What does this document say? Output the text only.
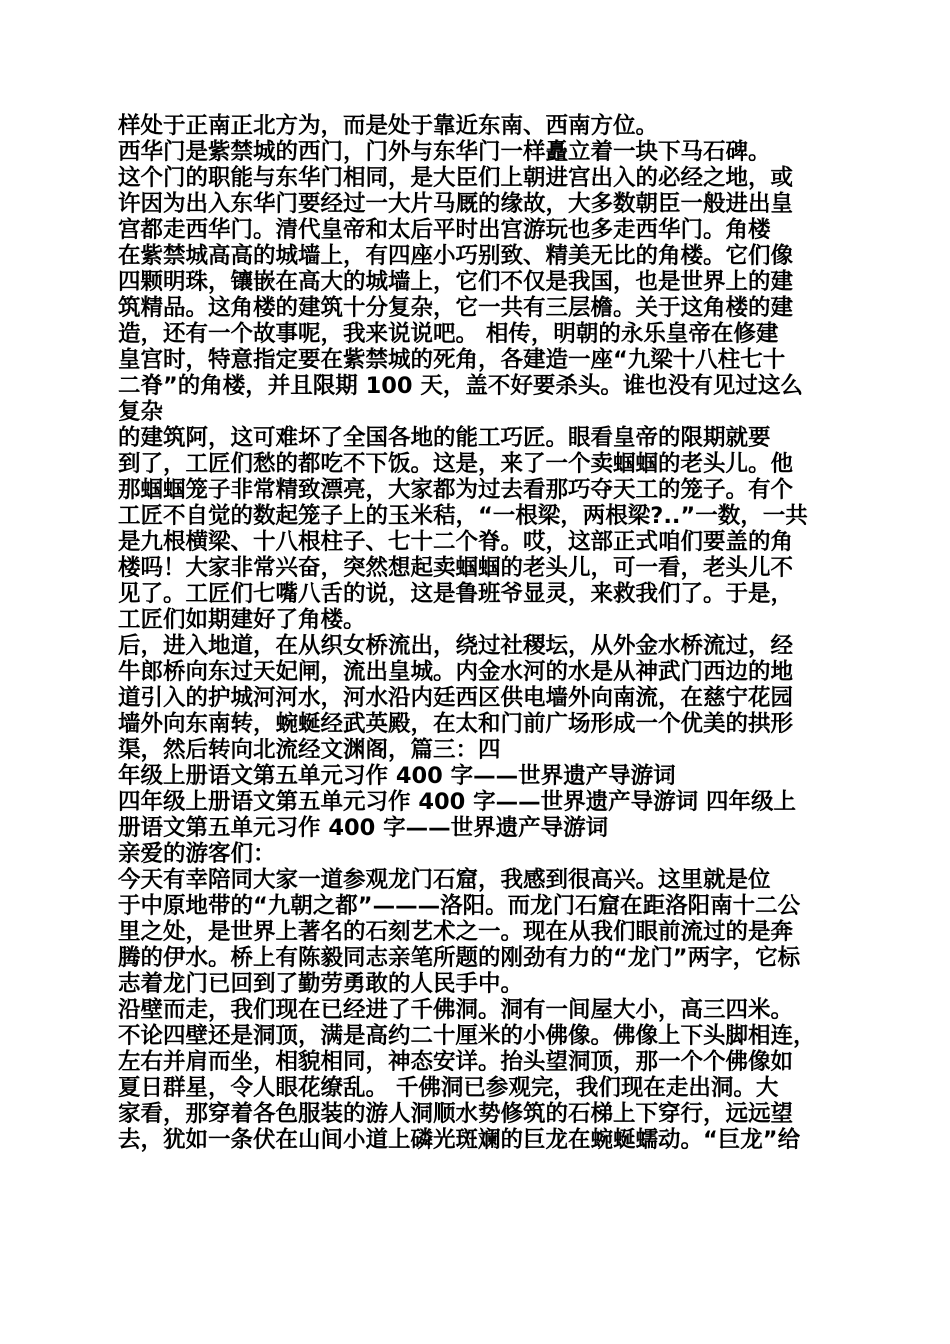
样处于正南正北方为，而是处于靠近东南、西南方位。
西华门是紫禁城的西门，门外与东华门一样矗立着一块下马石碑。
这个门的职能与东华门相同，是大臣们上朝进宫出入的必经之地，或
许因为出入东华门要经过一大片马厩的缘故，大多数朝臣一般进出皇
宫都走西华门。清代皇帝和太后平时出宫游玩也多走西华门。角楼
在紫禁城高高的城墙上，有四座小巧别致、精美无比的角楼。它们像
四颗明珠，镶嵌在高大的城墙上，它们不仅是我国，也是世界上的建
筑精品。这角楼的建筑十分复杂，它一共有三层檐。关于这角楼的建
造，还有一个故事呢，我来说说吧。 相传，明朝的永乐皇帝在修建
皇宫时，特意指定要在紫禁城的死角，各建造一座“九梁十八柱七十
二脊”的角楼，并且限期 100 天，盖不好要杀头。谁也没有见过这么
复杂
的建筑阿，这可难坏了全国各地的能工巧匠。眼看皇帝的限期就要
到了，工匠们愁的都吃不下饭。这是，来了一个卖蝈蝈的老头儿。他
那蝈蝈笼子非常精致漂亮，大家都为过去看那巧夺天工的笼子。有个
工匠不自觉的数起笼子上的玉米秸，“一根梁，两根梁?..”一数，一共
是九根横梁、十八根柱子、七十二个脊。哎，这部正式咱们要盖的角
楼吗！大家非常兴奋，突然想起卖蝈蝈的老头儿，可一看，老头儿不
见了。工匠们七嘴八舌的说，这是鲁班爷显灵，来救我们了。于是，
工匠们如期建好了角楼。
后，进入地道，在从织女桥流出，绕过社稷坛，从外金水桥流过，经
牛郎桥向东过天妃闸，流出皇城。内金水河的水是从神武门西边的地
道引入的护城河河水，河水沿内廷西区供电墙外向南流，在慈宁花园
墙外向东南转，蜿蜒经武英殿，在太和门前广场形成一个优美的拱形
渠，然后转向北流经文渊阁，篇三：四
年级上册语文第五单元习作 400 字——世界遗产导游词
四年级上册语文第五单元习作 400 字——世界遗产导游词 四年级上
册语文第五单元习作 400 字——世界遗产导游词
亲爱的游客们：
今天有幸陪同大家一道参观龙门石窟，我感到很高兴。这里就是位
于中原地带的“九朝之都”———洛阳。而龙门石窟在距洛阳南十二公
里之处，是世界上著名的石刻艺术之一。现在从我们眼前流过的是奔
腾的伊水。桥上有陈毅同志亲笔所题的刚劲有力的“龙门”两字，它标
志着龙门已回到了勤劳勇敢的人民手中。
沿壁而走，我们现在已经进了千佛洞。洞有一间屋大小，高三四米。
不论四壁还是洞顶，满是高约二十厘米的小佛像。佛像上下头脚相连，
左右并肩而坐，相貌相同，神态安详。抬头望洞顶，那一个个佛像如
夏日群星，令人眼花缭乱。 千佛洞已参观完，我们现在走出洞。大
家看，那穿着各色服装的游人洞顺水势修筑的石梯上下穿行，远远望
去，犹如一条伏在山间小道上磷光斑斓的巨龙在蜿蜒蠕动。“巨龙”给
